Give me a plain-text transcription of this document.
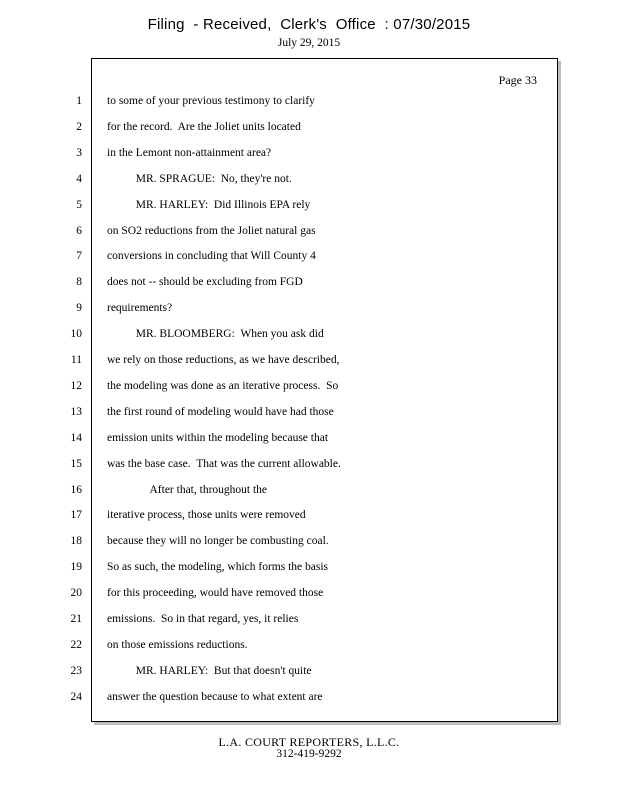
Filing  - Received,  Clerk's  Office  : 07/30/2015
July 29, 2015
Page 33
1 to some of your previous testimony to clarify
2 for the record.  Are the Joliet units located
3 in the Lemont non-attainment area?
4 MR. SPRAGUE:  No, they're not.
5 MR. HARLEY:  Did Illinois EPA rely
6 on SO2 reductions from the Joliet natural gas
7 conversions in concluding that Will County 4
8 does not -- should be excluding from FGD
9 requirements?
10 MR. BLOOMBERG:  When you ask did
11 we rely on those reductions, as we have described,
12 the modeling was done as an iterative process.  So
13 the first round of modeling would have had those
14 emission units within the modeling because that
15 was the base case.  That was the current allowable.
16 After that, throughout the
17 iterative process, those units were removed
18 because they will no longer be combusting coal.
19 So as such, the modeling, which forms the basis
20 for this proceeding, would have removed those
21 emissions.  So in that regard, yes, it relies
22 on those emissions reductions.
23 MR. HARLEY:  But that doesn't quite
24 answer the question because to what extent are
L.A. COURT REPORTERS, L.L.C.
312-419-9292
